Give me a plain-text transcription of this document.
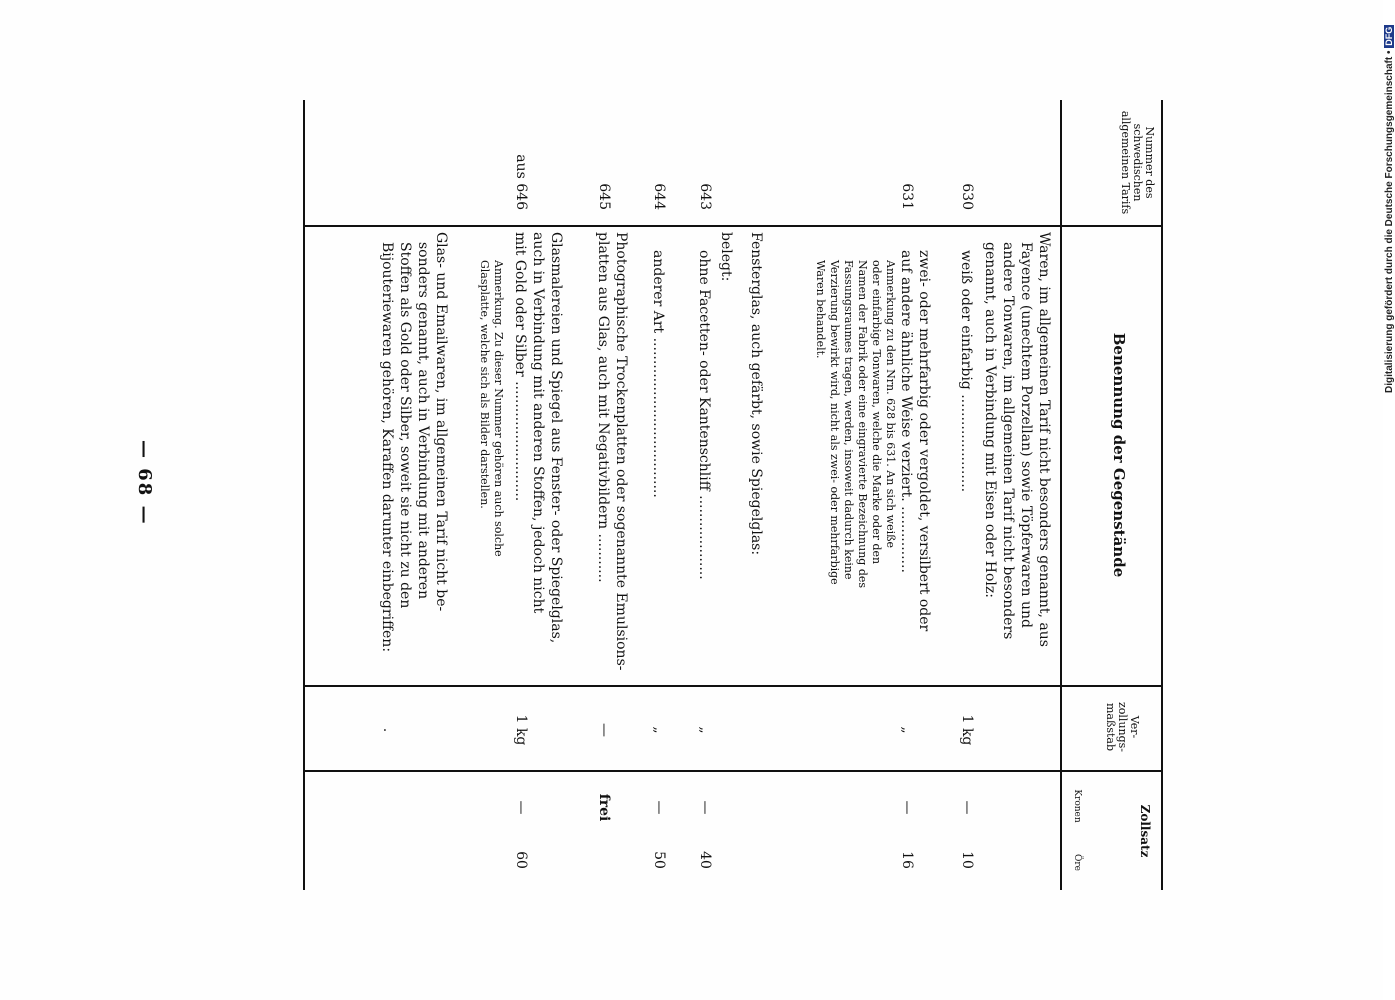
— 68 —
Nummer des schwedischen allgemeinen Tarifs
Benennung der Gegenstände
Ver- zollungs- maßstab
Zollsatz
Kronen
Öre
Waren, im allgemeinen Tarif nicht besonders genannt, aus
Fayence (unechtem Porzellan) sowie Töpferwaren und
andere Tonwaren, im allgemeinen Tarif nicht besonders
genannt, auch in Verbindung mit Eisen oder Holz:
630
weiß oder einfarbig ......................
1 kg
—
10
631
zwei- oder mehrfarbig oder vergoldet, versilbert oder
auf andere ähnliche Weise verziert. ...............
„
—
16
Anmerkung zu den Nrn. 628 bis 631. An sich weiße
oder einfarbige Tonwaren, welche die Marke oder den
Namen der Fabrik oder eine eingravierte Bezeichnung des
Fassungsraumes tragen, werden, insoweit dadurch keine
Verzierung bewirkt wird, nicht als zwei- oder mehrfarbige
Waren behandelt.
Fensterglas, auch gefärbt, sowie Spiegelglas:
belegt:
643
ohne Facetten- oder Kantenschliff ...................
„
—
40
644
anderer Art ....................................
„
—
50
645
Photographische Trockenplatten oder sogenannte Emulsions-
platten aus Glas, auch mit Negativbildern ...........
—
frei
aus 646
Glasmalereien und Spiegel aus Fenster- oder Spiegelglas,
auch in Verbindung mit anderen Stoffen, jedoch nicht
mit Gold oder Silber ...........................
1 kg
—
60
Anmerkung. Zu dieser Nummer gehören auch solche
Glasplatte, welche sich als Bilder darstellen.
Glas- und Emailwaren, im allgemeinen Tarif nicht be-
sonders genannt, auch in Verbindung mit anderen
Stoffen als Gold oder Silber, soweit sie nicht zu den
Bijouteriewaren gehören, Karaffen darunter einbegriffen:
.
Digitalisierung gefördert durch die Deutsche Forschungsgemeinschaft • DFG
